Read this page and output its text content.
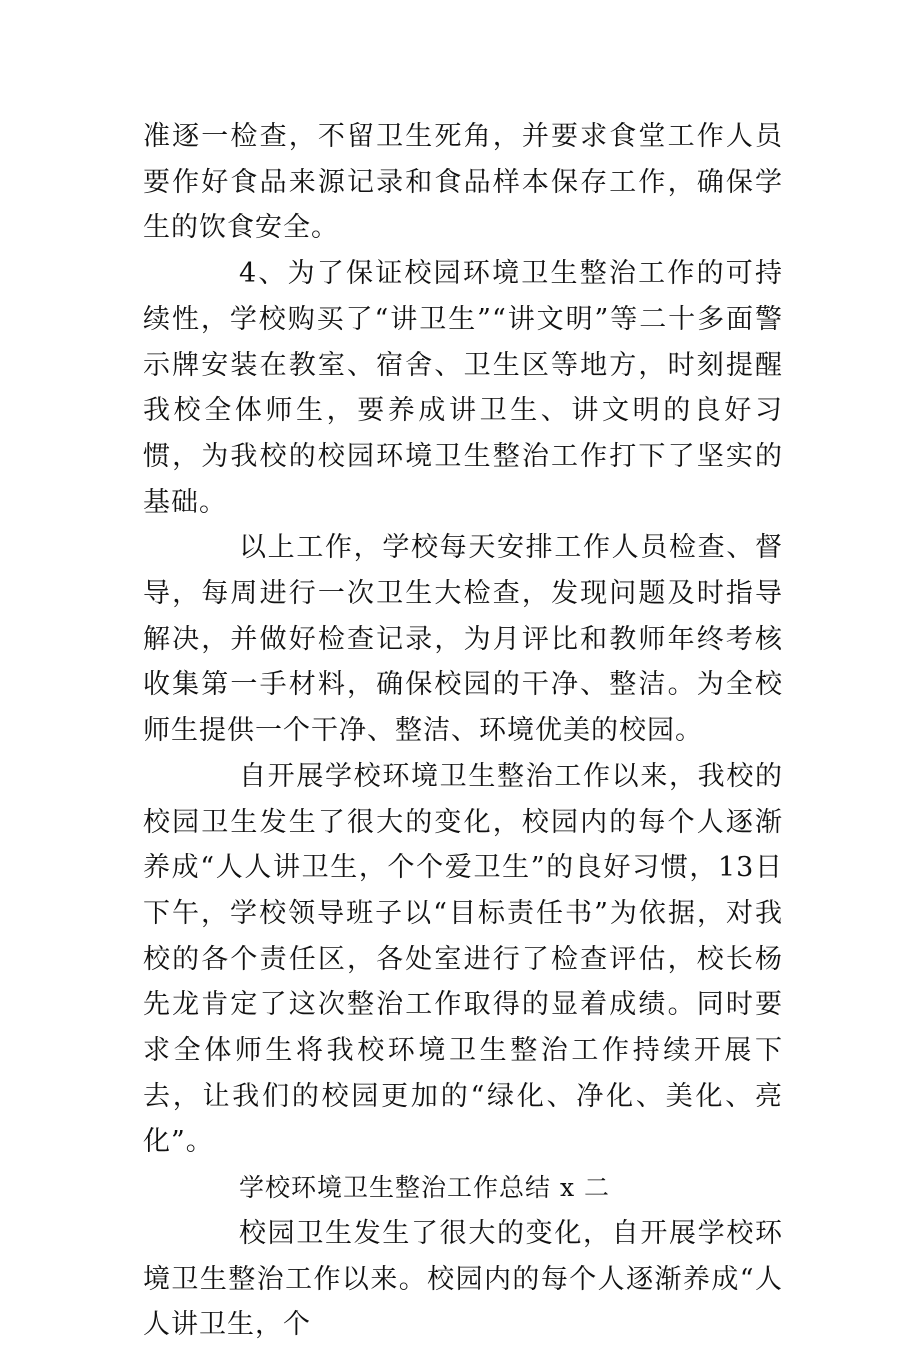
准逐一检查，不留卫生死角，并要求食堂工作人员要作好食品来源记录和食品样本保存工作，确保学生的饮食安全。

4、为了保证校园环境卫生整治工作的可持续性，学校购买了“讲卫生”“讲文明”等二十多面警示牌安装在教室、宿舍、卫生区等地方，时刻提醒我校全体师生，要养成讲卫生、讲文明的良好习惯，为我校的校园环境卫生整治工作打下了坚实的基础。

以上工作，学校每天安排工作人员检查、督导，每周进行一次卫生大检查，发现问题及时指导解决，并做好检查记录，为月评比和教师年终考核收集第一手材料，确保校园的干净、整洁。为全校师生提供一个干净、整洁、环境优美的校园。

自开展学校环境卫生整治工作以来，我校的校园卫生发生了很大的变化，校园内的每个人逐渐养成“人人讲卫生，个个爱卫生”的良好习惯，13日下午，学校领导班子以“目标责任书”为依据，对我校的各个责任区，各处室进行了检查评估，校长杨先龙肯定了这次整治工作取得的显着成绩。同时要求全体师生将我校环境卫生整治工作持续开展下去，让我们的校园更加的“绿化、净化、美化、亮化”。

学校环境卫生整治工作总结 x 二

校园卫生发生了很大的变化，自开展学校环境卫生整治工作以来。校园内的每个人逐渐养成“人人讲卫生，个
